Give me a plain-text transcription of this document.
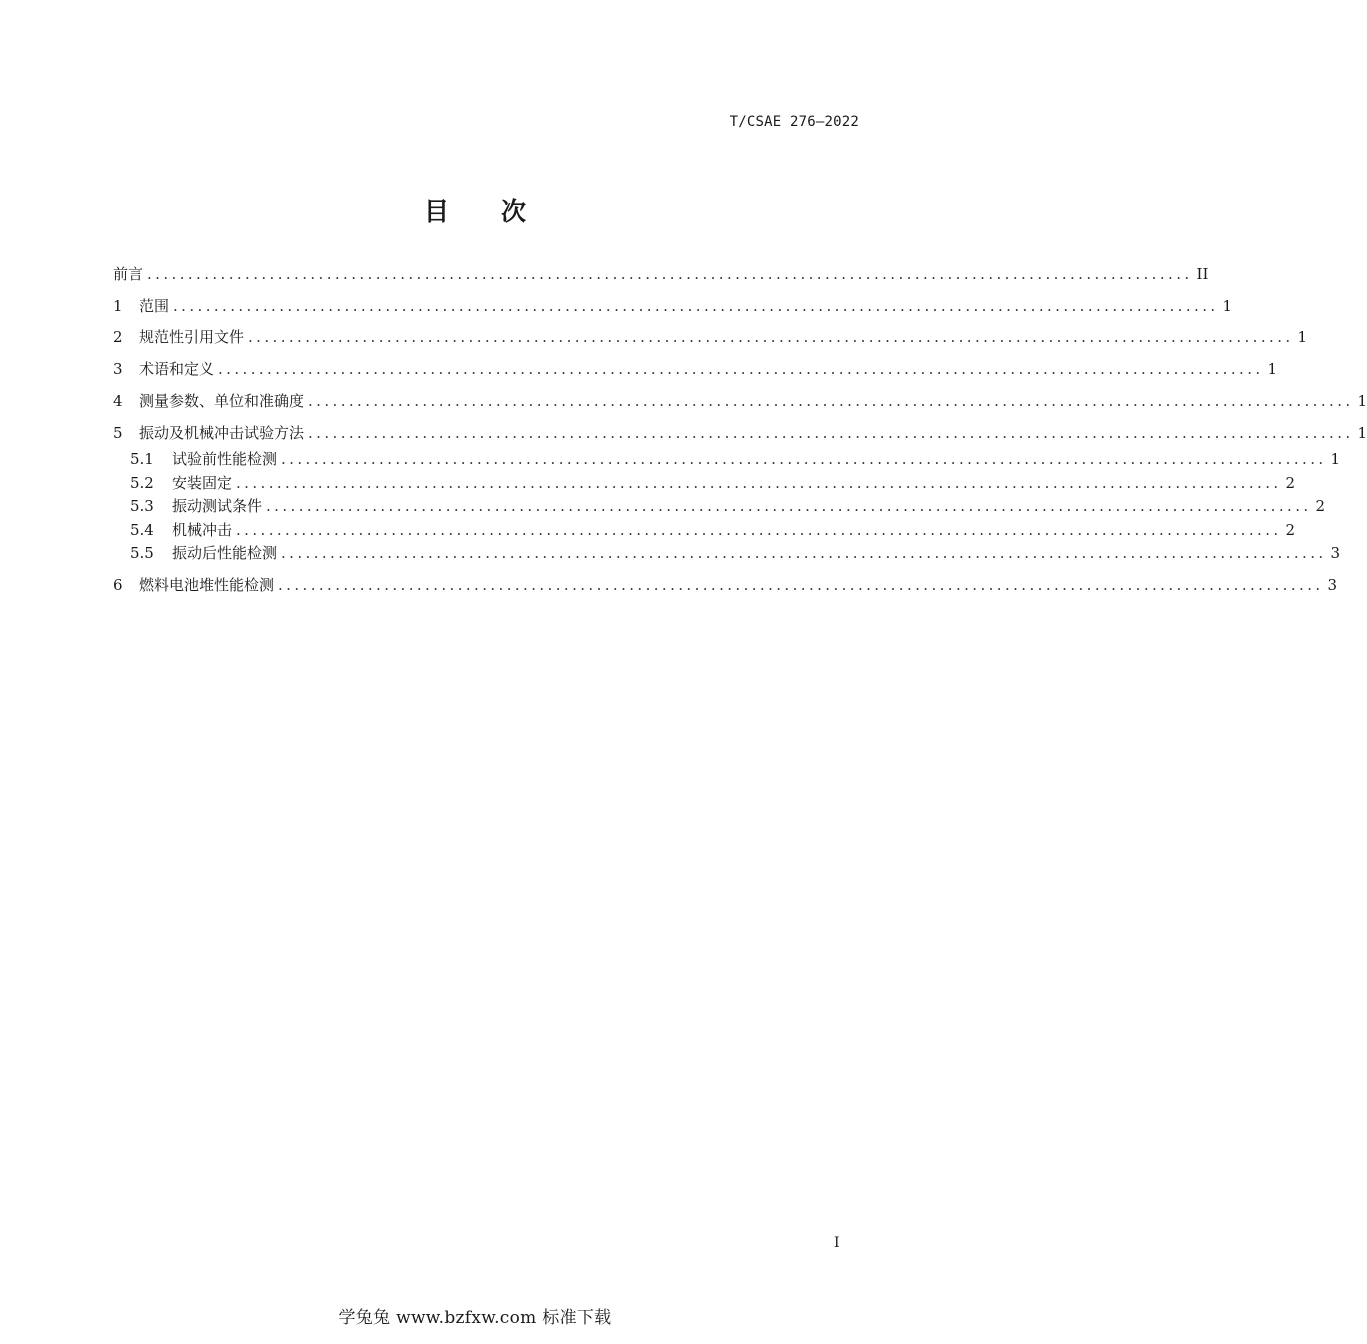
T/CSAE 276—2022
目 次
前言 ................................................................................................................................ II
1	范围 ................................................................................................................................ 1
2	规范性引用文件 ................................................................................................................................ 1
3	术语和定义 ................................................................................................................................ 1
4	测量参数、单位和准确度 ................................................................................................................................ 1
5	振动及机械冲击试验方法 ................................................................................................................................ 1
5.1	试验前性能检测 ................................................................................................................................ 1
5.2	安装固定 ................................................................................................................................ 2
5.3	振动测试条件 ................................................................................................................................ 2
5.4	机械冲击 ................................................................................................................................ 2
5.5	振动后性能检测 ................................................................................................................................ 3
6	燃料电池堆性能检测 ................................................................................................................................ 3
I
学兔兔 www.bzfxw.com 标准下载
